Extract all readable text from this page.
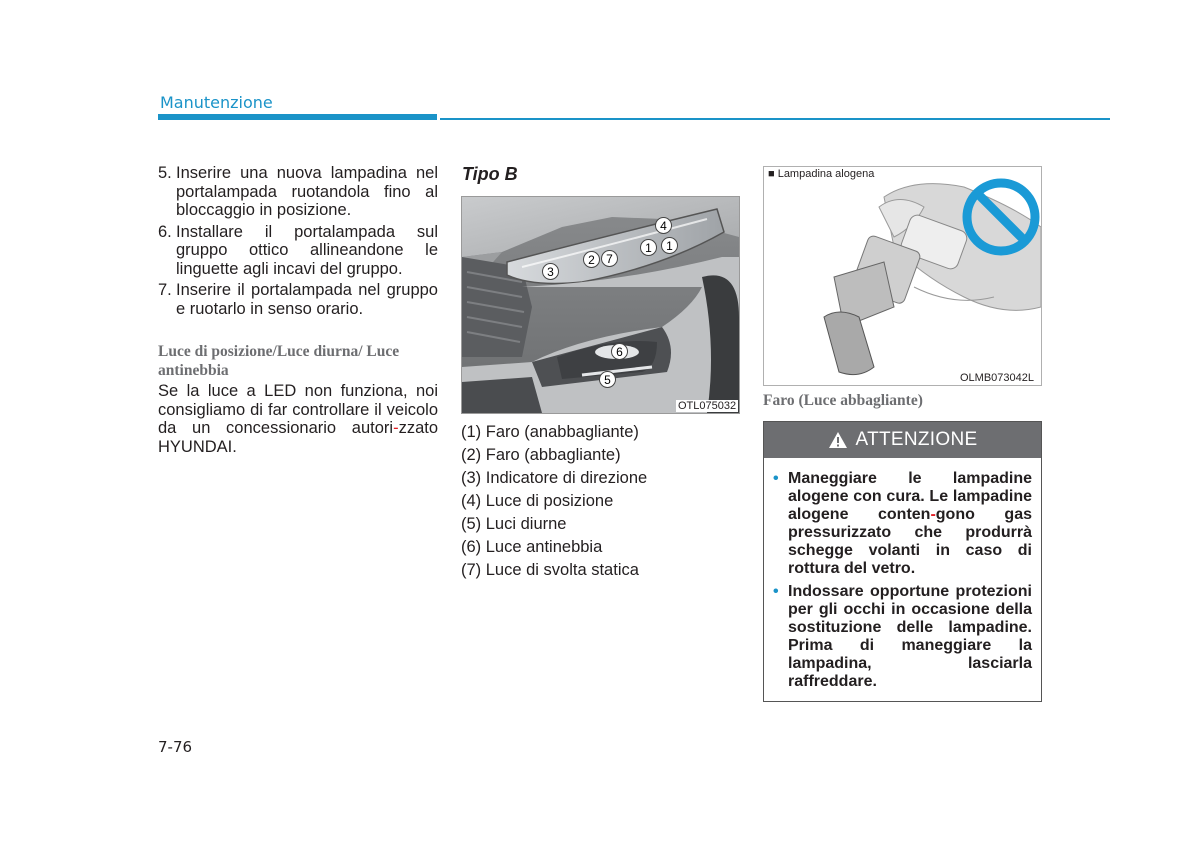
Manutenzione
5. Inserire una nuova lampadina nel portalampada ruotandola fino al bloccaggio in posizione.
6. Installare il portalampada sul gruppo ottico allineandone le linguette agli incavi del gruppo.
7. Inserire il portalampada nel gruppo e ruotarlo in senso orario.
Luce di posizione/Luce diurna/ Luce antinebbia
Se la luce a LED non funziona, noi consigliamo di far controllare il veicolo da un concessionario autori-zzato HYUNDAI.
Tipo B
4
1	1
2 7
3
6
5
OTL075032
(1) Faro (anabbagliante)
(2) Faro (abbagliante)
(3) Indicatore di direzione
(4) Luce di posizione
(5) Luci diurne
(6) Luce antinebbia
(7) Luce di svolta statica
■ Lampadina alogena
OLMB073042L
Faro (Luce abbagliante)
ATTENZIONE
• Maneggiare le lampadine alogene con cura. Le lampadine alogene conten-gono gas pressurizzato che produrrà schegge volanti in caso di rottura del vetro.
• Indossare opportune protezioni per gli occhi in occasione della sostituzione delle lampadine. Prima di maneggiare la lampadina, lasciarla raffreddare.
7-76
